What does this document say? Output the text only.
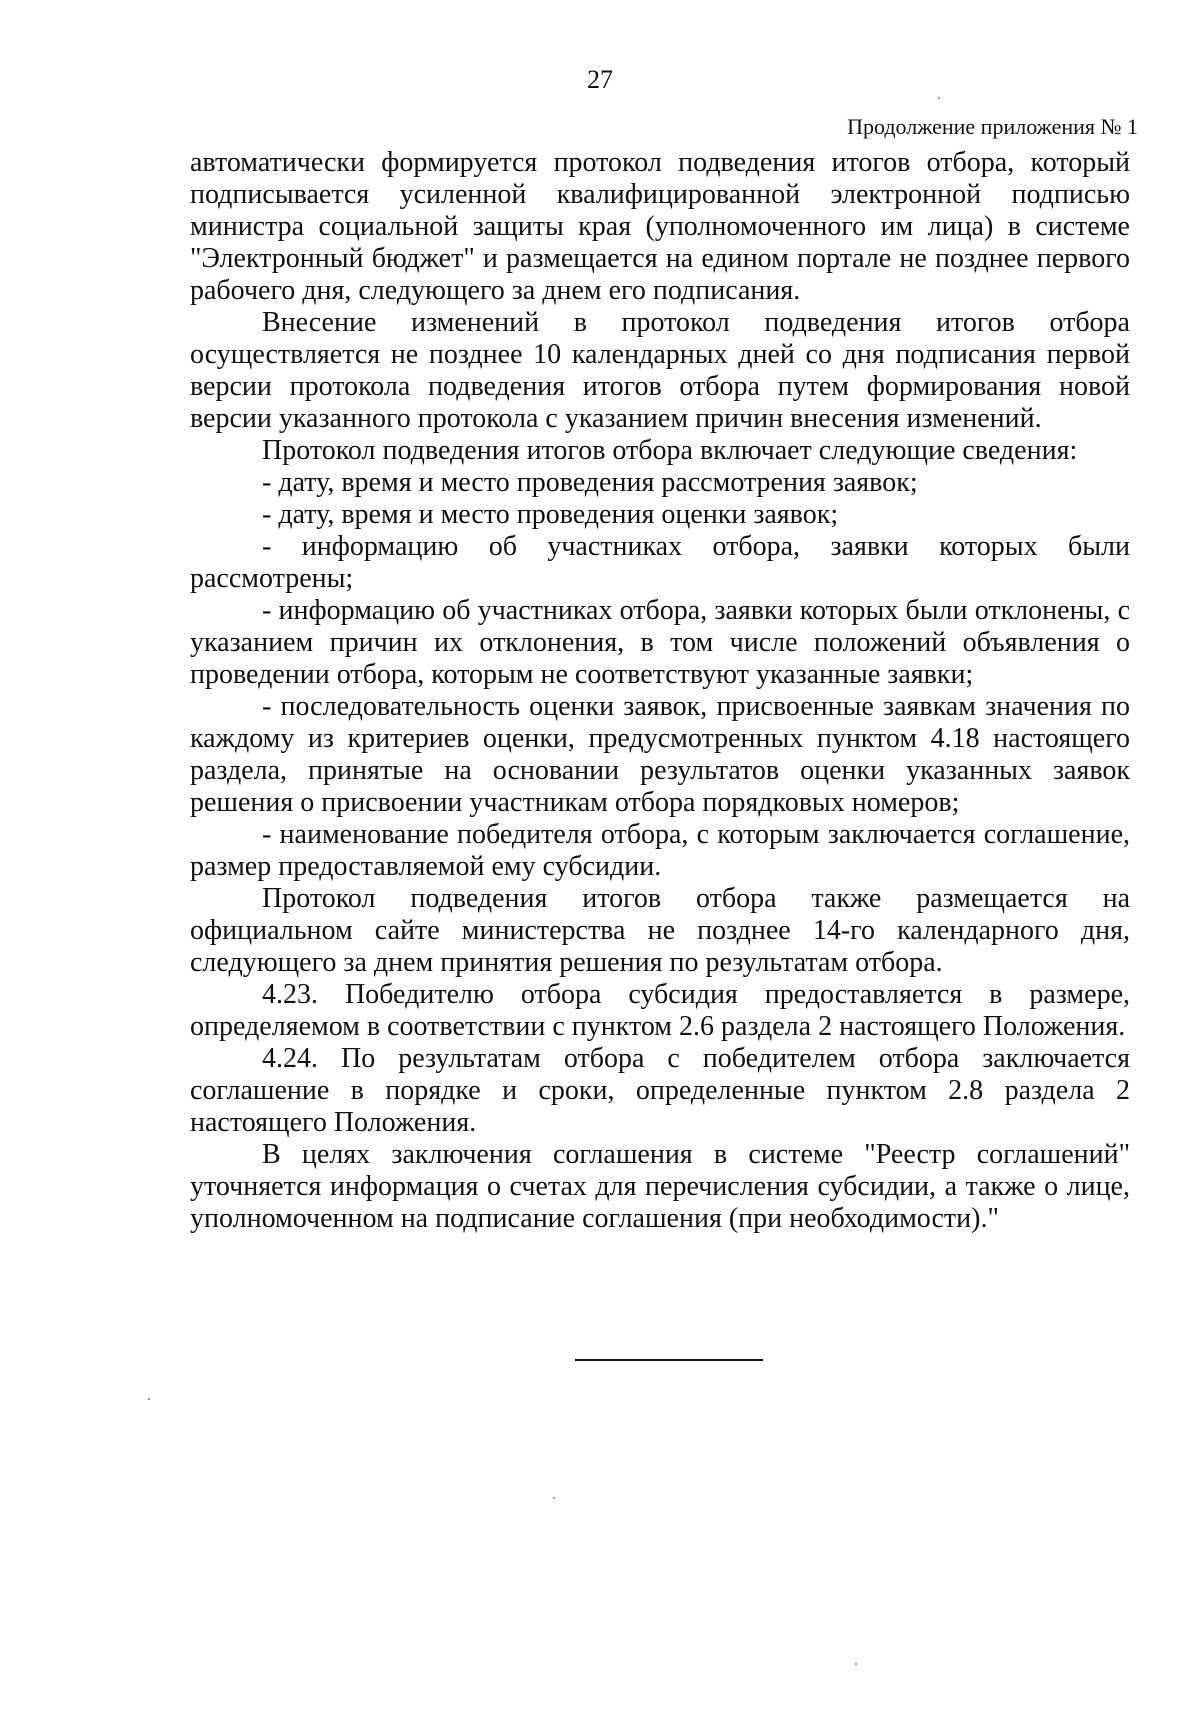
27
Продолжение приложения № 1

автоматически формируется протокол подведения итогов отбора, который подписывается усиленной квалифицированной электронной подписью министра социальной защиты края (уполномоченного им лица) в системе "Электронный бюджет" и размещается на едином портале не позднее первого рабочего дня, следующего за днем его подписания.

Внесение изменений в протокол подведения итогов отбора осуществляется не позднее 10 календарных дней со дня подписания первой версии протокола подведения итогов отбора путем формирования новой версии указанного протокола с указанием причин внесения изменений.

Протокол подведения итогов отбора включает следующие сведения:

- дату, время и место проведения рассмотрения заявок;

- дату, время и место проведения оценки заявок;

- информацию об участниках отбора, заявки которых были рассмотрены;

- информацию об участниках отбора, заявки которых были отклонены, с указанием причин их отклонения, в том числе положений объявления о проведении отбора, которым не соответствуют указанные заявки;

- последовательность оценки заявок, присвоенные заявкам значения по каждому из критериев оценки, предусмотренных пунктом 4.18 настоящего раздела, принятые на основании результатов оценки указанных заявок решения о присвоении участникам отбора порядковых номеров;

- наименование победителя отбора, с которым заключается соглашение, размер предоставляемой ему субсидии.

Протокол подведения итогов отбора также размещается на официальном сайте министерства не позднее 14-го календарного дня, следующего за днем принятия решения по результатам отбора.

4.23. Победителю отбора субсидия предоставляется в размере, определяемом в соответствии с пунктом 2.6 раздела 2 настоящего Положения.

4.24. По результатам отбора с победителем отбора заключается соглашение в порядке и сроки, определенные пунктом 2.8 раздела 2 настоящего Положения.

В целях заключения соглашения в системе "Реестр соглашений" уточняется информация о счетах для перечисления субсидии, а также о лице, уполномоченном на подписание соглашения (при необходимости)."
